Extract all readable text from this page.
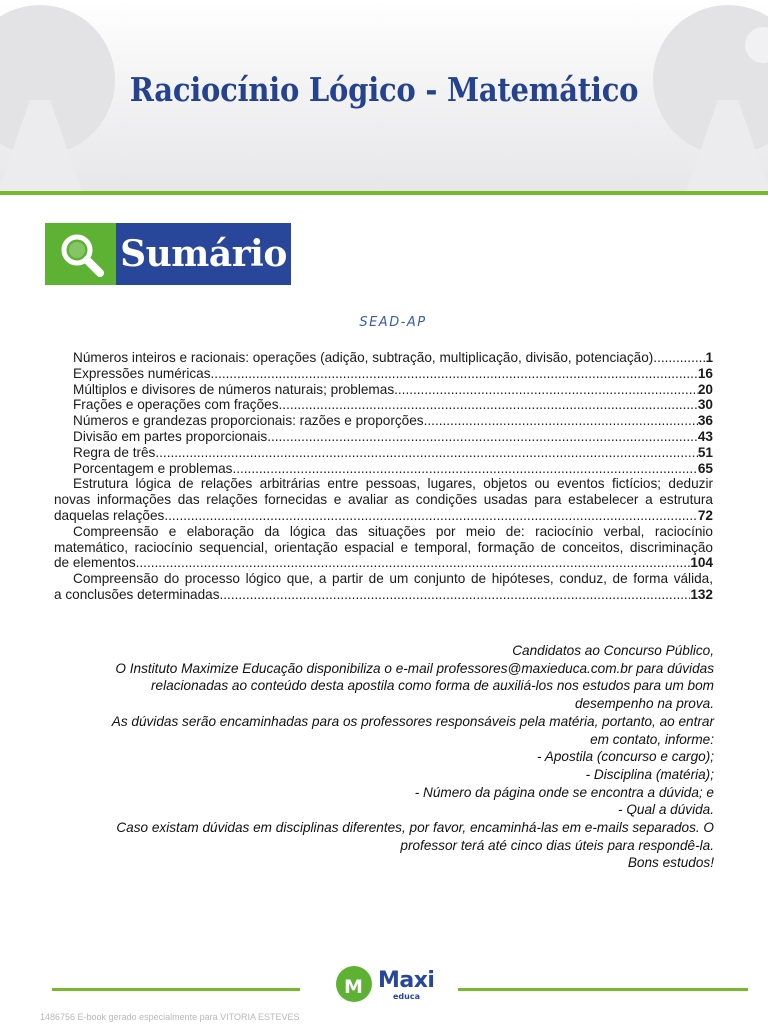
Raciocínio Lógico - Matemático
Sumário
SEAD-AP
Números inteiros e racionais: operações (adição, subtração, multiplicação, divisão, potenciação) .....	1
Expressões numéricas .....	16
Múltiplos e divisores de números naturais; problemas .....	20
Frações e operações com frações .....	30
Números e grandezas proporcionais: razões e proporções .....	36
Divisão em partes proporcionais .....	43
Regra de três .....	51
Porcentagem e problemas .....	65
Estrutura lógica de relações arbitrárias entre pessoas, lugares, objetos ou eventos fictícios; deduzir
novas informações das relações fornecidas e avaliar as condições usadas para estabelecer a estrutura
daquelas relações .....	72
Compreensão e elaboração da lógica das situações por meio de: raciocínio verbal, raciocínio
matemático, raciocínio sequencial, orientação espacial e temporal, formação de conceitos, discriminação
de elementos .....	104
Compreensão do processo lógico que, a partir de um conjunto de hipóteses, conduz, de forma válida,
a conclusões determinadas .....	132
Candidatos ao Concurso Público,
O Instituto Maximize Educação disponibiliza o e-mail professores@maxieduca.com.br para dúvidas
relacionadas ao conteúdo desta apostila como forma de auxiliá-los nos estudos para um bom
desempenho na prova.
As dúvidas serão encaminhadas para os professores responsáveis pela matéria, portanto, ao entrar
em contato, informe:
- Apostila (concurso e cargo);
- Disciplina (matéria);
- Número da página onde se encontra a dúvida; e
- Qual a dúvida.
Caso existam dúvidas em disciplinas diferentes, por favor, encaminhá-las em e-mails separados. O
professor terá até cinco dias úteis para respondê-la.
Bons estudos!
M Maxi
educa
1486756 E-book gerado especialmente para VITORIA ESTEVES
